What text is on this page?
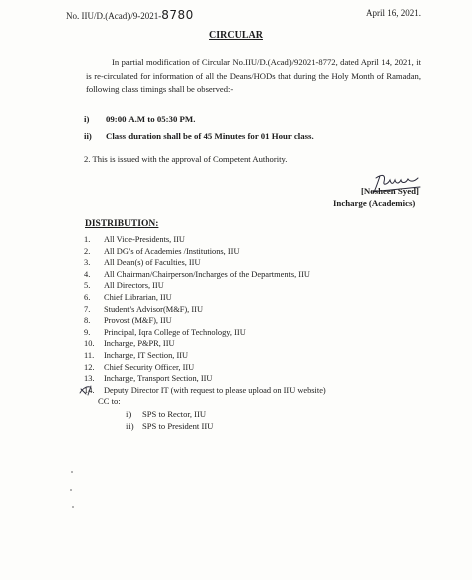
No. IIU/D.(Acad)/9-2021-8780	April 16, 2021.
CIRCULAR
In partial modification of Circular No.IIU/D.(Acad)/92021-8772, dated April 14, 2021, it is re-circulated for information of all the Deans/HODs that during the Holy Month of Ramadan, following class timings shall be observed:-
i) 09:00 A.M to 05:30 PM.
ii) Class duration shall be of 45 Minutes for 01 Hour class.
2. This is issued with the approval of Competent Authority.
[Nosheen Syed]
Incharge (Academics)
DISTRIBUTION:
1. All Vice-Presidents, IIU
2. All DG's of Academies /Institutions, IIU
3. All Dean(s) of Faculties, IIU
4. All Chairman/Chairperson/Incharges of the Departments, IIU
5. All Directors, IIU
6. Chief Librarian, IIU
7. Student's Advisor(M&F), IIU
8. Provost (M&F), IIU
9. Principal, Iqra College of Technology, IIU
10. Incharge, P&PR, IIU
11. Incharge, IT Section, IIU
12. Chief Security Officer, IIU
13. Incharge, Transport Section, IIU
14. Deputy Director IT (with request to please upload on IIU website)
CC to:
i) SPS to Rector, IIU
ii) SPS to President IIU
